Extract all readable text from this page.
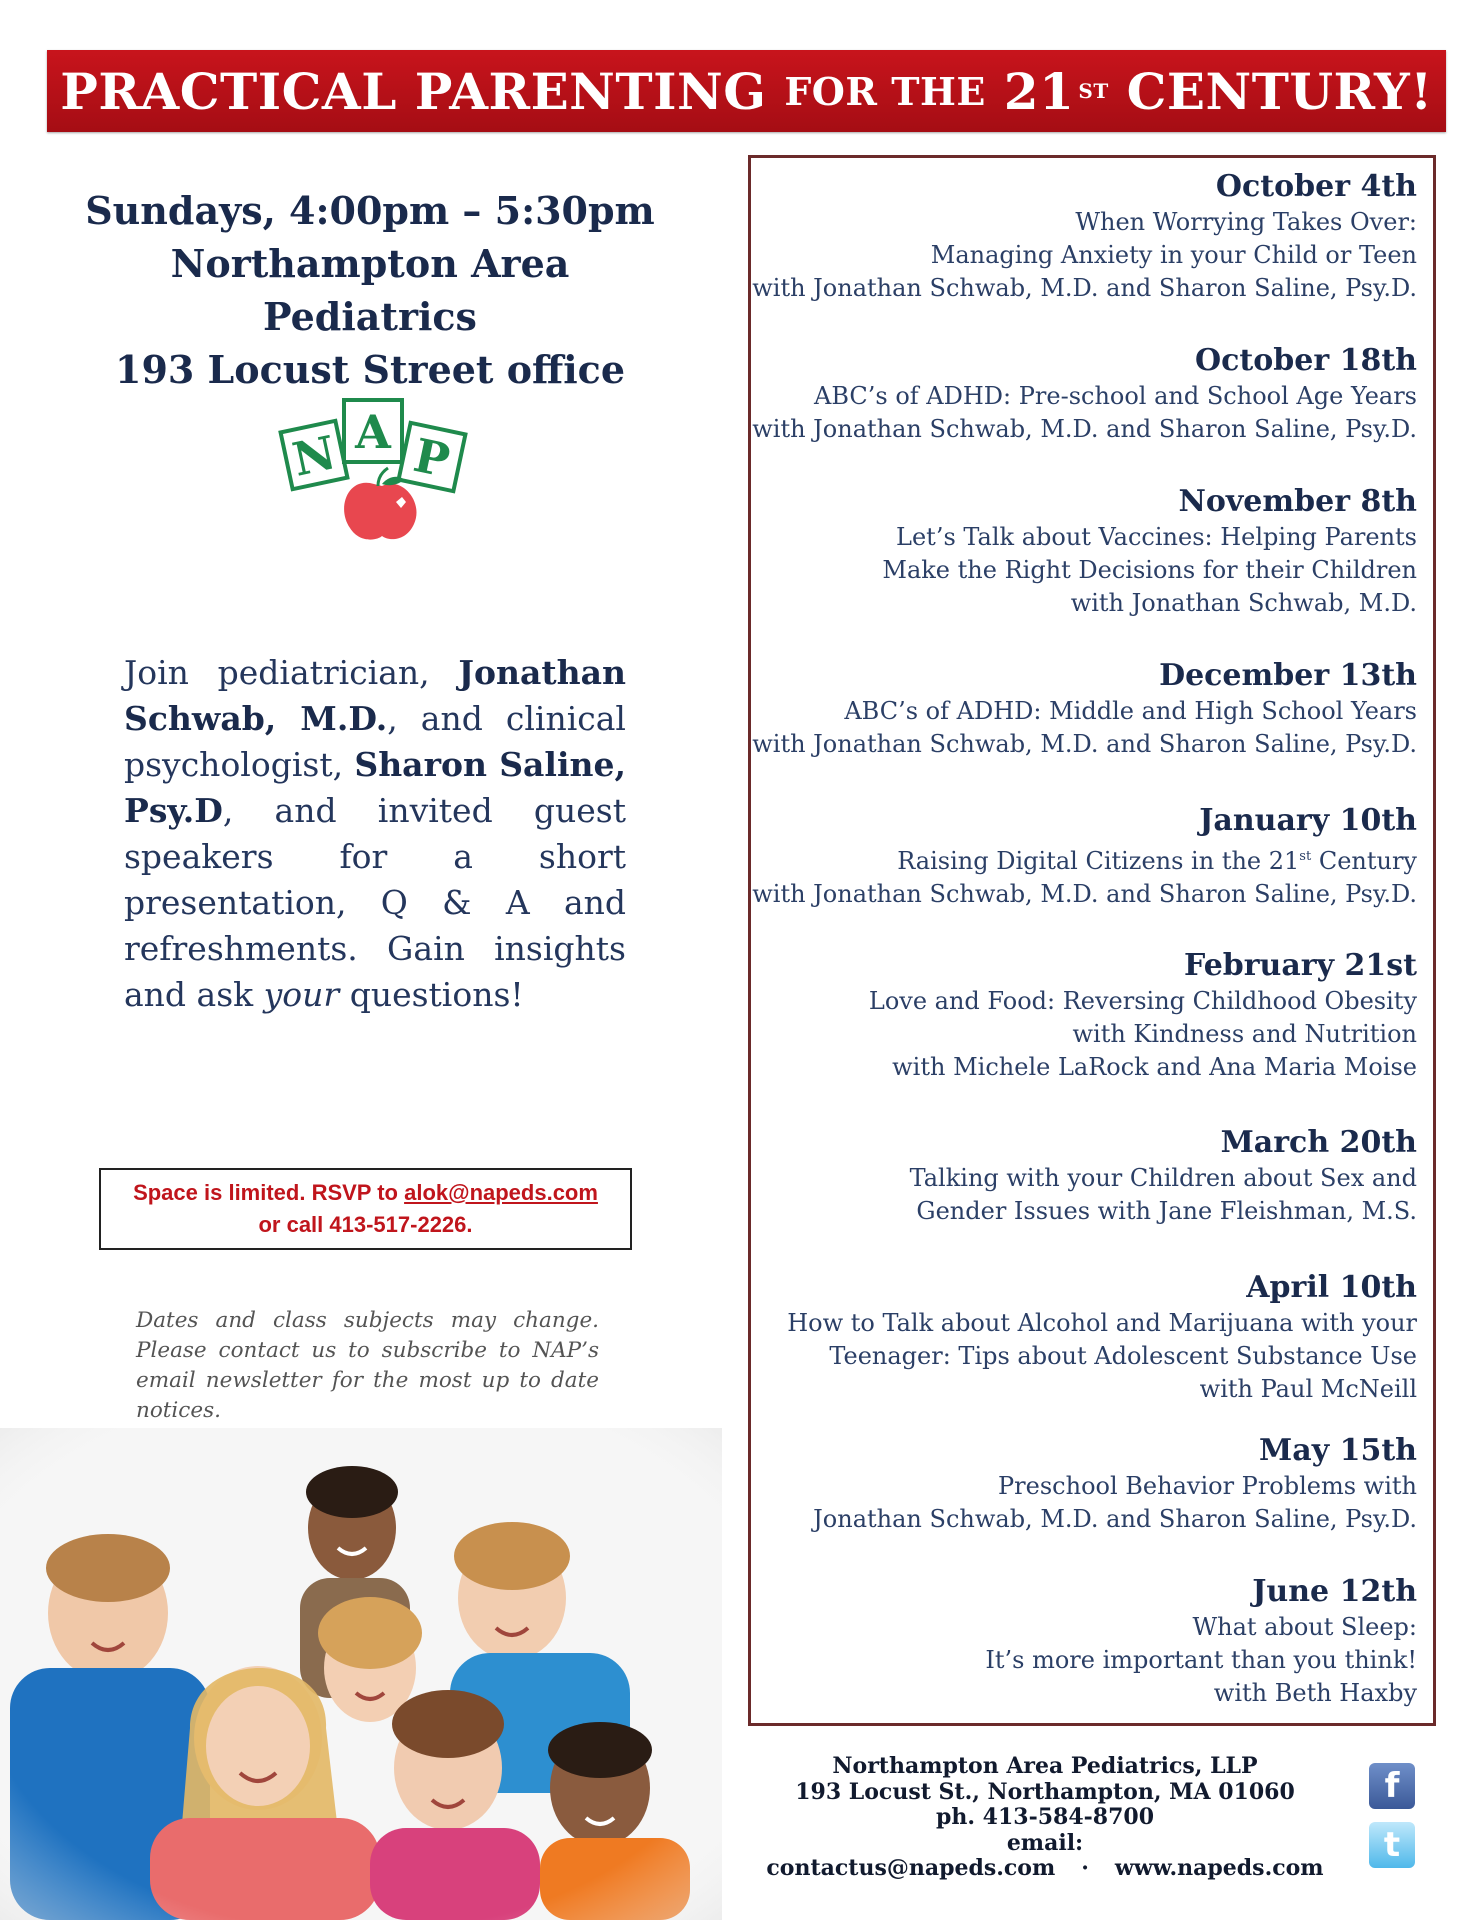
PRACTICAL PARENTING
FOR THE
21 ST
CENTURY!
Sundays, 4:00pm – 5:30pm
Northampton Area Pediatrics
193 Locust Street office
N A P
Join pediatrician, Jonathan Schwab, M.D., and clinical psychologist, Sharon Saline, Psy.D, and invited guest speakers for a short presentation, Q & A and refreshments. Gain insights and ask your questions!
Space is limited. RSVP to alok@napeds.com
or call 413-517-2226.
Dates and class subjects may change. Please contact us to subscribe to NAP’s email newsletter for the most up to date notices.
October 4th
When Worrying Takes Over:
Managing Anxiety in your Child or Teen
with Jonathan Schwab, M.D. and Sharon Saline, Psy.D.
October 18th
ABC’s of ADHD: Pre-school and School Age Years
with Jonathan Schwab, M.D. and Sharon Saline, Psy.D.
November 8th
Let’s Talk about Vaccines: Helping Parents
Make the Right Decisions for their Children
with Jonathan Schwab, M.D.
December 13th
ABC’s of ADHD: Middle and High School Years
with Jonathan Schwab, M.D. and Sharon Saline, Psy.D.
January 10th
Raising Digital Citizens in the 21st Century
with Jonathan Schwab, M.D. and Sharon Saline, Psy.D.
February 21st
Love and Food: Reversing Childhood Obesity
with Kindness and Nutrition
with Michele LaRock and Ana Maria Moise
March 20th
Talking with your Children about Sex and
Gender Issues with Jane Fleishman, M.S.
April 10th
How to Talk about Alcohol and Marijuana with your
Teenager: Tips about Adolescent Substance Use
with Paul McNeill
May 15th
Preschool Behavior Problems with
Jonathan Schwab, M.D. and Sharon Saline, Psy.D.
June 12th
What about Sleep:
It’s more important than you think!
with Beth Haxby
Northampton Area Pediatrics, LLP
193 Locust St., Northampton, MA 01060
ph. 413-584-8700
email: contactus@napeds.com · www.napeds.com
f
t
